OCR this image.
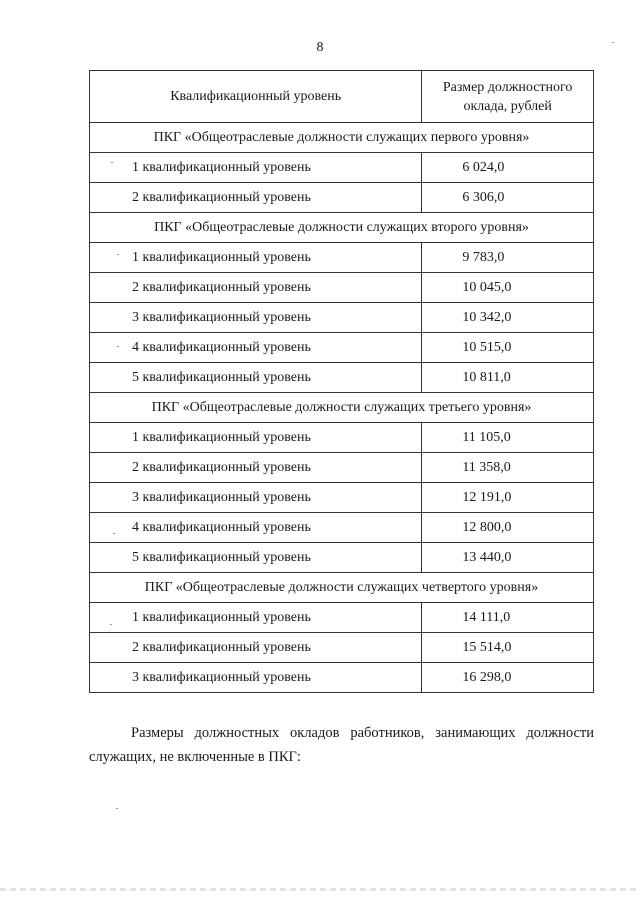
8
Квалификационный уровень	Размер должностного
оклада, рублей
ПКГ «Общеотраслевые должности служащих первого уровня»	
1 квалификационный уровень	6 024,0
2 квалификационный уровень	6 306,0
ПКГ «Общеотраслевые должности служащих второго уровня»	
1 квалификационный уровень	9 783,0
2 квалификационный уровень	10 045,0
3 квалификационный уровень	10 342,0
4 квалификационный уровень	10 515,0
5 квалификационный уровень	10 811,0
ПКГ «Общеотраслевые должности служащих третьего уровня»	
1 квалификационный уровень	11 105,0
2 квалификационный уровень	11 358,0
3 квалификационный уровень	12 191,0
4 квалификационный уровень	12 800,0
5 квалификационный уровень	13 440,0
ПКГ «Общеотраслевые должности служащих четвертого уровня»	
1 квалификационный уровень	14 111,0
2 квалификационный уровень	15 514,0
3 квалификационный уровень	16 298,0
Размеры должностных окладов работников, занимающих должности служащих, не включенные в ПКГ:
